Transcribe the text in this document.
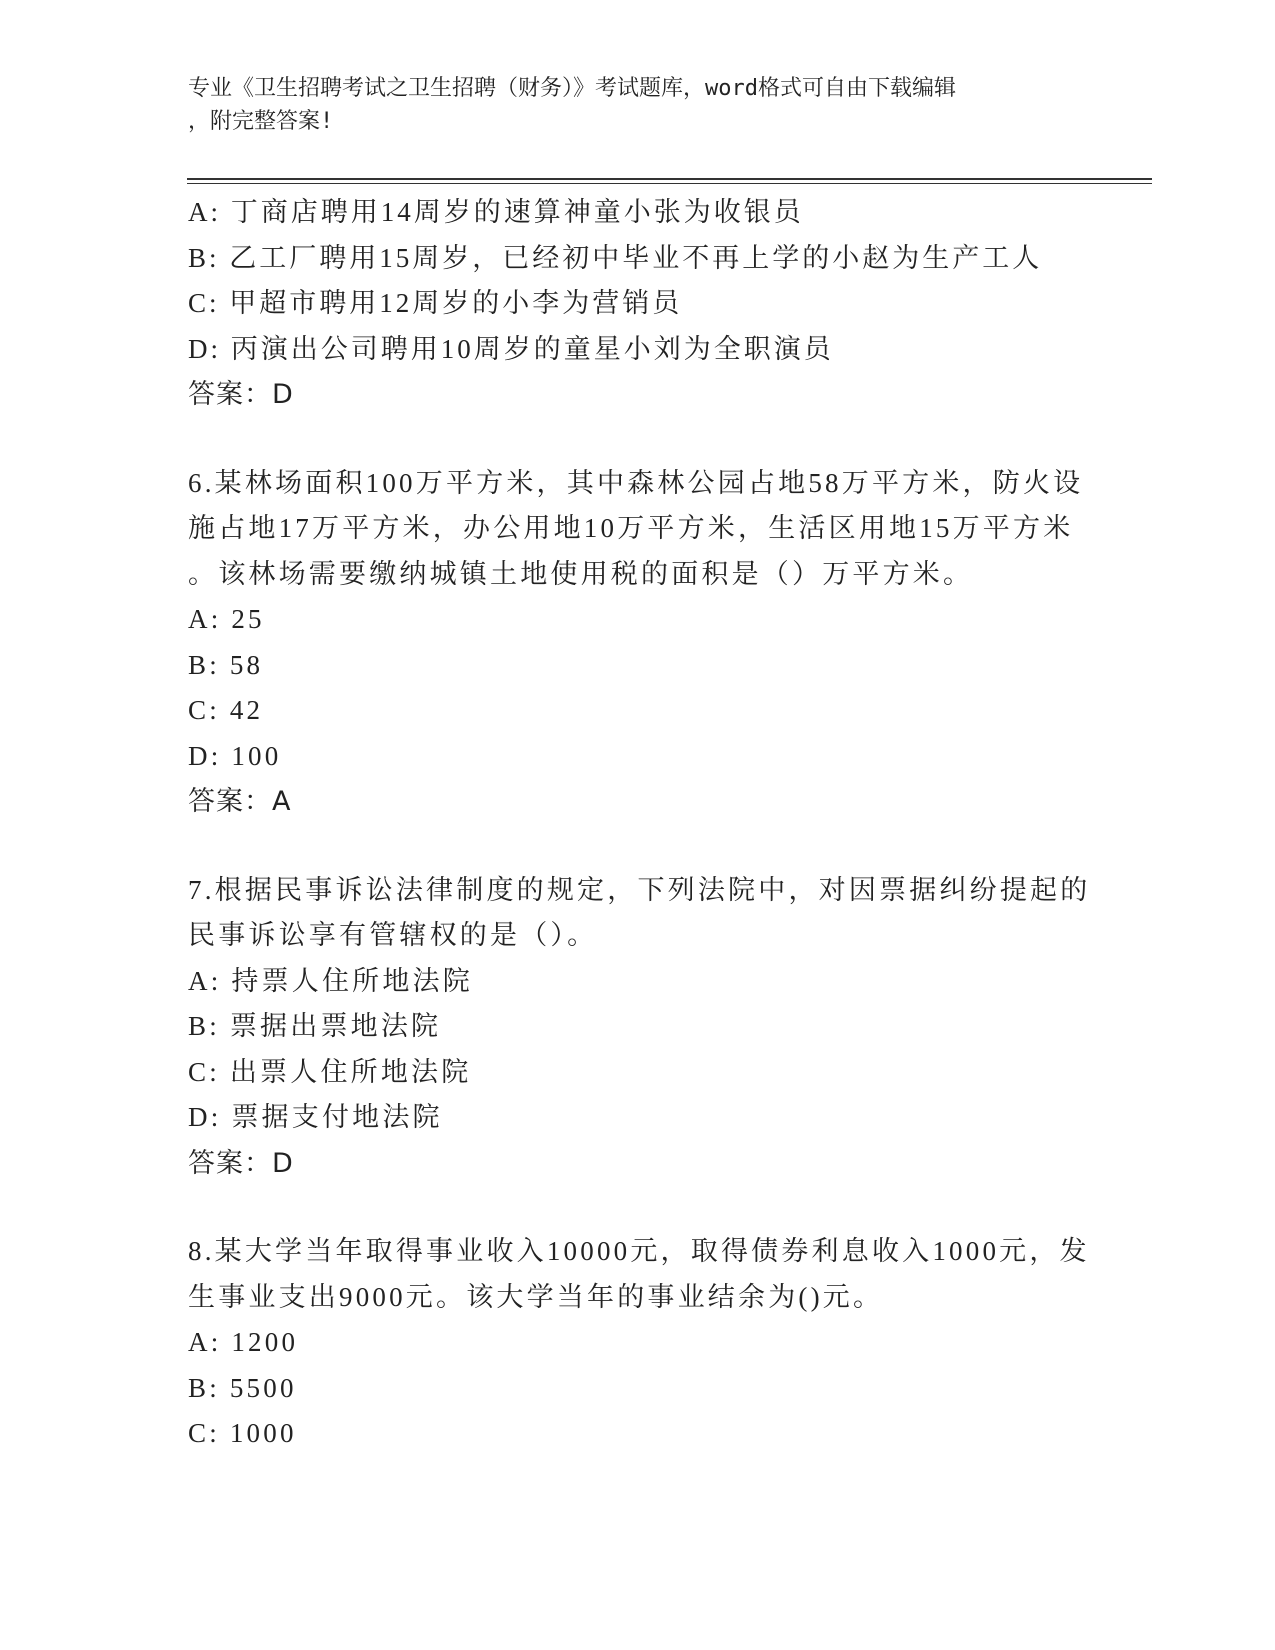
专业《卫生招聘考试之卫生招聘（财务）》考试题库，word格式可自由下载编辑
，附完整答案!
A: 丁商店聘用14周岁的速算神童小张为收银员
B: 乙工厂聘用15周岁，已经初中毕业不再上学的小赵为生产工人
C: 甲超市聘用12周岁的小李为营销员
D: 丙演出公司聘用10周岁的童星小刘为全职演员
答案：D
6.某林场面积100万平方米，其中森林公园占地58万平方米，防火设
施占地17万平方米，办公用地10万平方米，生活区用地15万平方米
。该林场需要缴纳城镇土地使用税的面积是（）万平方米。
A: 25
B: 58
C: 42
D: 100
答案：A
7.根据民事诉讼法律制度的规定，下列法院中，对因票据纠纷提起的
民事诉讼享有管辖权的是（）。
A: 持票人住所地法院
B: 票据出票地法院
C: 出票人住所地法院
D: 票据支付地法院
答案：D
8.某大学当年取得事业收入10000元，取得债券利息收入1000元，发
生事业支出9000元。该大学当年的事业结余为()元。
A: 1200
B: 5500
C: 1000
